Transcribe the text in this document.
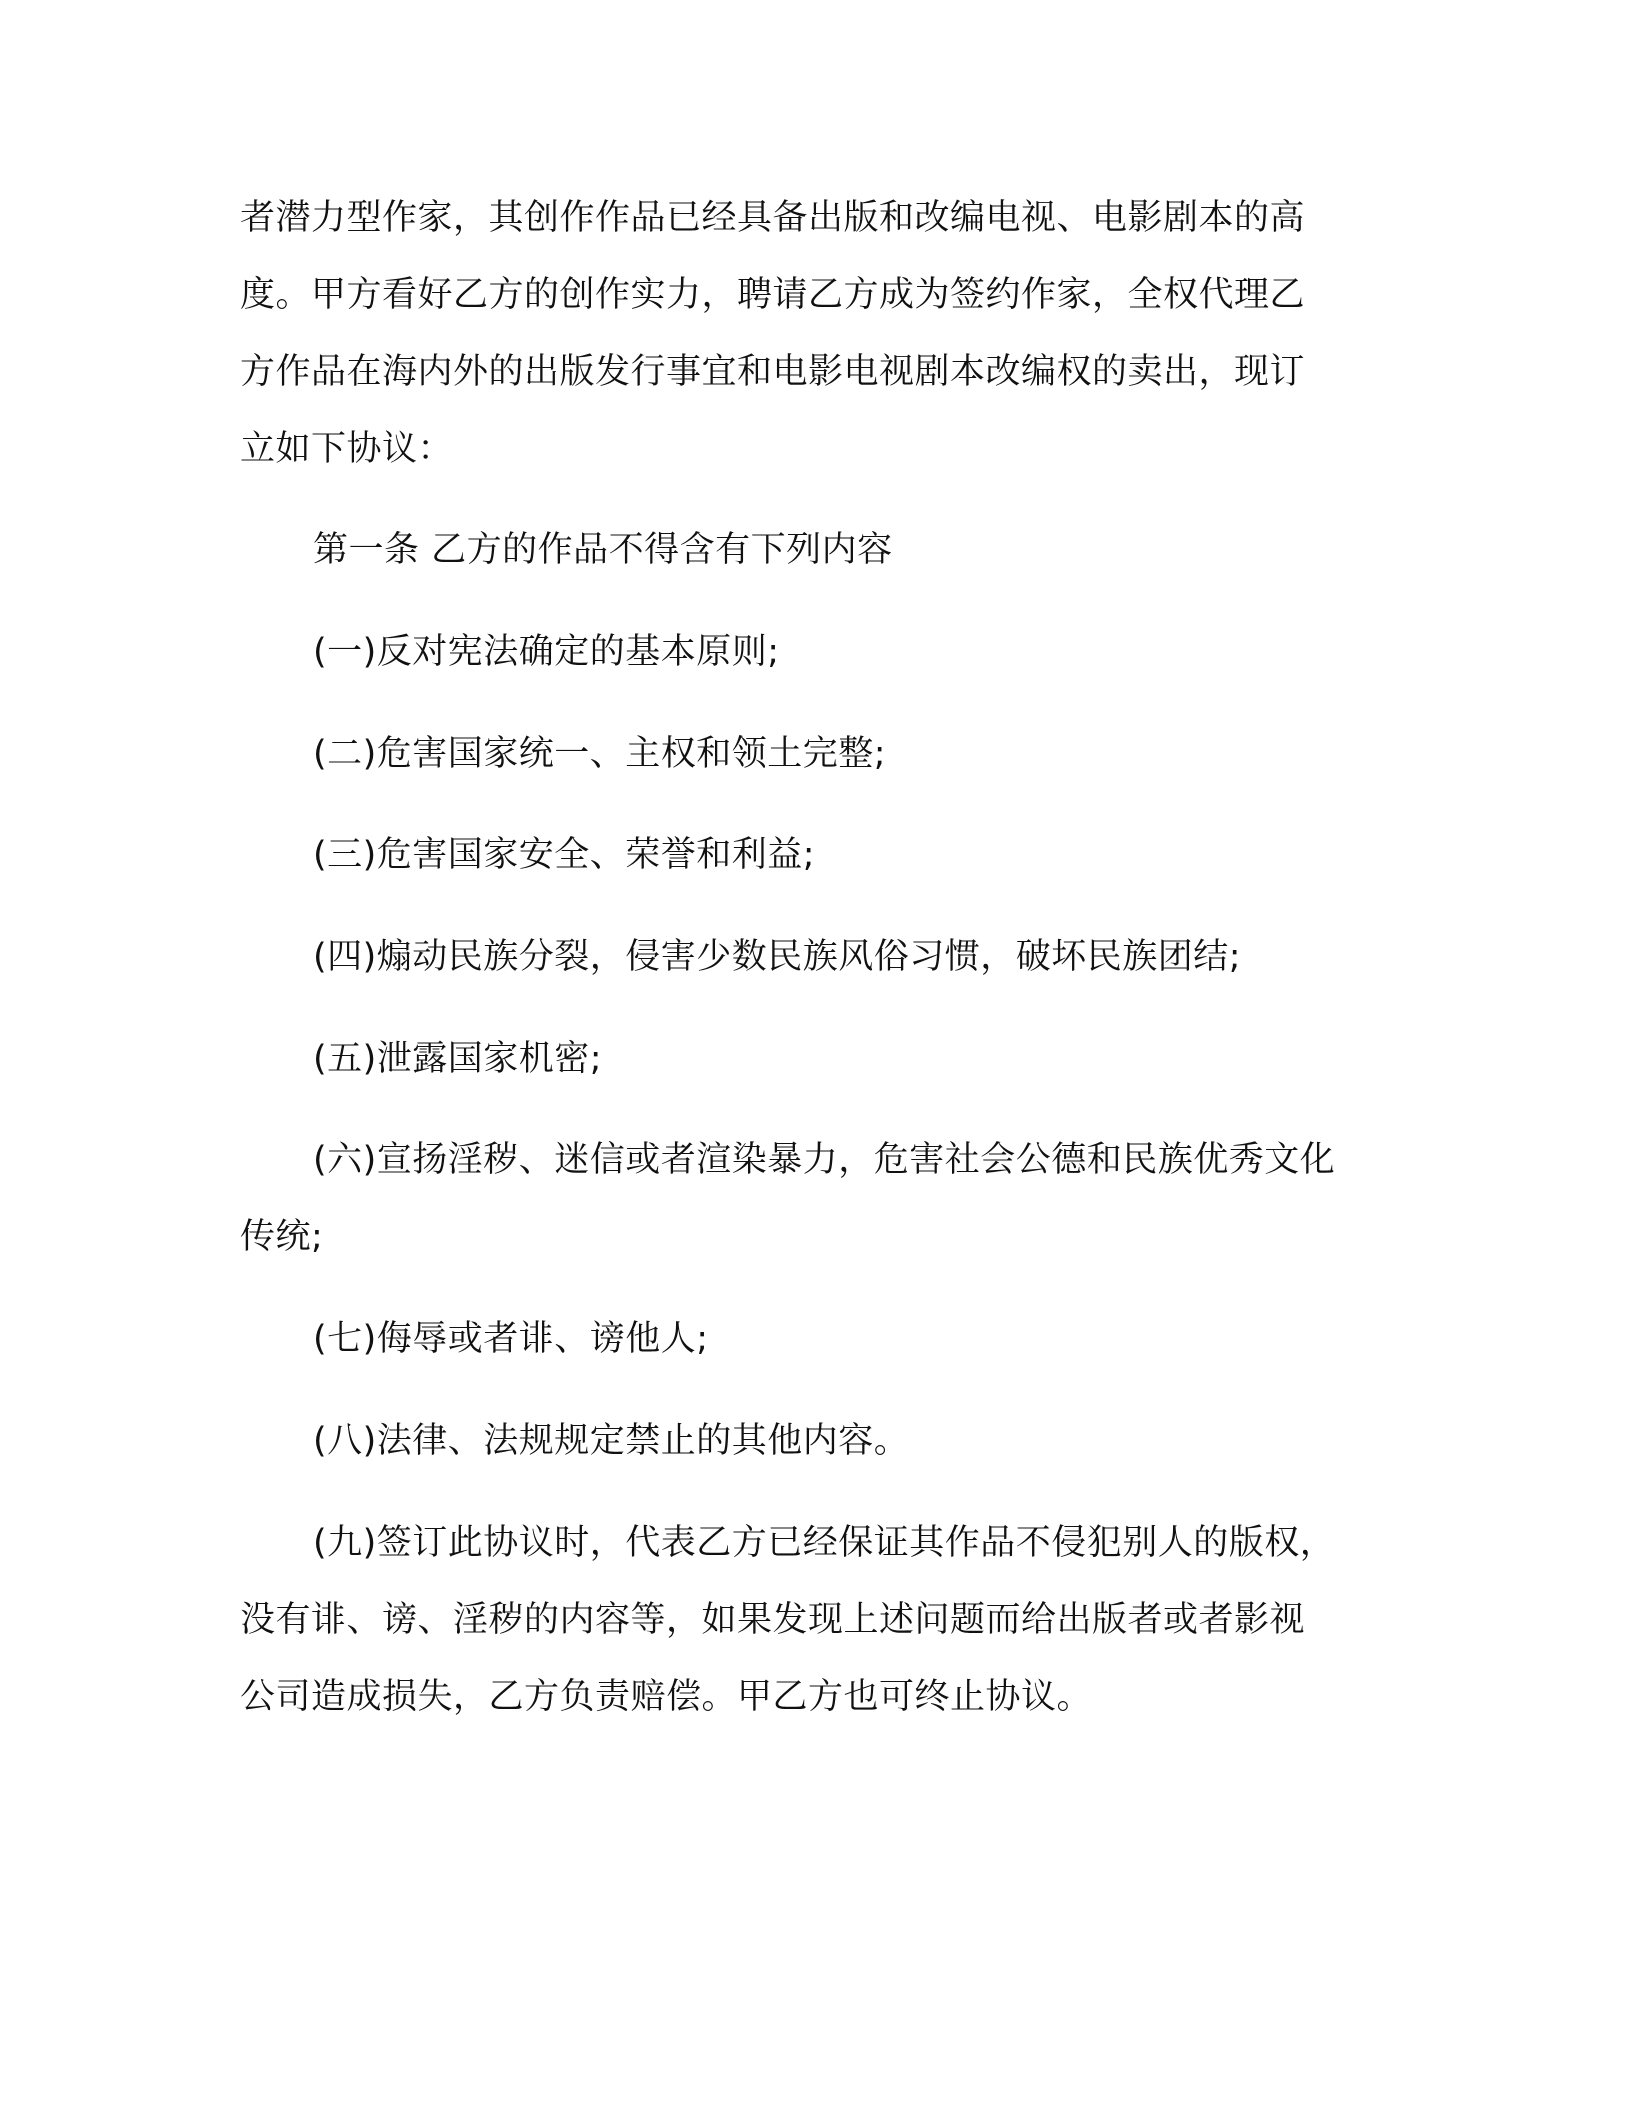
者潜力型作家，其创作作品已经具备出版和改编电视、电影剧本的高
度。甲方看好乙方的创作实力，聘请乙方成为签约作家，全权代理乙
方作品在海内外的出版发行事宜和电影电视剧本改编权的卖出，现订
立如下协议：
第一条 乙方的作品不得含有下列内容
(一)反对宪法确定的基本原则;
(二)危害国家统一、主权和领土完整;
(三)危害国家安全、荣誉和利益;
(四)煽动民族分裂，侵害少数民族风俗习惯，破坏民族团结;
(五)泄露国家机密;
(六)宣扬淫秽、迷信或者渲染暴力，危害社会公德和民族优秀文化
传统;
(七)侮辱或者诽、谤他人;
(八)法律、法规规定禁止的其他内容。
(九)签订此协议时，代表乙方已经保证其作品不侵犯别人的版权，
没有诽、谤、淫秽的内容等，如果发现上述问题而给出版者或者影视
公司造成损失，乙方负责赔偿。甲乙方也可终止协议。
